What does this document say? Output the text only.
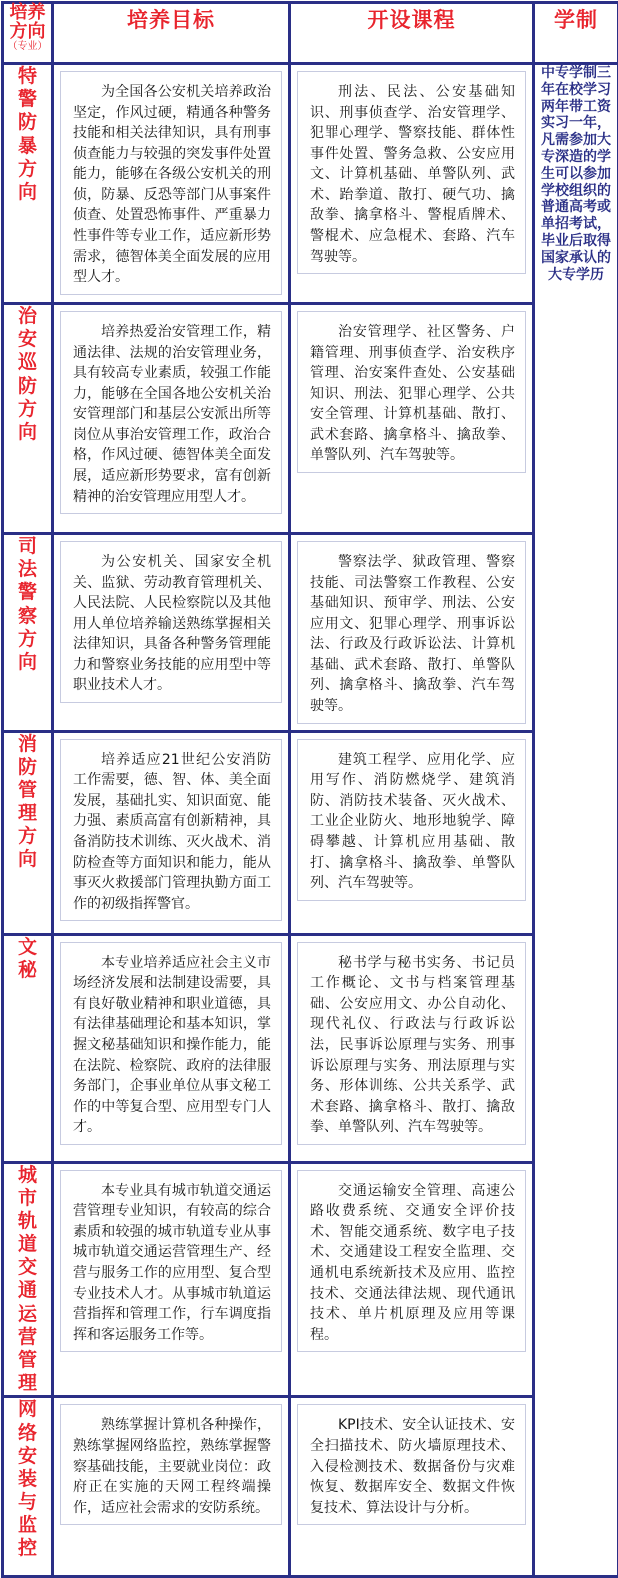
培养方向
（专业）	培养目标	开设课程	学制
特警防暴方向	为全国各公安机关培养政治坚定，作风过硬，精通各种警务技能和相关法律知识，具有刑事侦查能力与较强的突发事件处置能力，能够在各级公安机关的刑侦，防暴、反恐等部门从事案件侦查、处置恐怖事件、严重暴力性事件等专业工作，适应新形势需求，德智体美全面发展的应用型人才。	刑法、民法、公安基础知识、刑事侦查学、治安管理学、犯罪心理学、警察技能、群体性事件处置、警务急救、公安应用文、计算机基础、单警队列、武术、跆拳道、散打、硬气功、擒敌拳、擒拿格斗、警棍盾牌术、警棍术、应急棍术、套路、汽车驾驶等。	中专学制三年在校学习两年带工资实习一年，凡需参加大专深造的学生可以参加学校组织的普通高考或单招考试，毕业后取得国家承认的大专学历

治安巡防方向	培养热爱治安管理工作，精通法律、法规的治安管理业务，具有较高专业素质，较强工作能力，能够在全国各地公安机关治安管理部门和基层公安派出所等岗位从事治安管理工作，政治合格，作风过硬、德智体美全面发展，适应新形势要求，富有创新精神的治安管理应用型人才。	治安管理学、社区警务、户籍管理、刑事侦查学、治安秩序管理、治安案件查处、公安基础知识、刑法、犯罪心理学、公共安全管理、计算机基础、散打、武术套路、擒拿格斗、擒敌拳、单警队列、汽车驾驶等。	

司法警察方向	为公安机关、国家安全机关、监狱、劳动教育管理机关、人民法院、人民检察院以及其他用人单位培养输送熟练掌握相关法律知识，具备各种警务管理能力和警察业务技能的应用型中等职业技术人才。	警察法学、狱政管理、警察技能、司法警察工作教程、公安基础知识、预审学、刑法、公安应用文、犯罪心理学、刑事诉讼法、行政及行政诉讼法、计算机基础、武术套路、散打、单警队列、擒拿格斗、擒敌拳、汽车驾驶等。	

消防管理方向	培养适应21世纪公安消防工作需要，德、智、体、美全面发展，基础扎实、知识面宽、能力强、素质高富有创新精神，具备消防技术训练、灭火战术、消防检查等方面知识和能力，能从事灭火救援部门管理执勤方面工作的初级指挥警官。	建筑工程学、应用化学、应用写作、消防燃烧学、建筑消防、消防技术装备、灭火战术、工业企业防火、地形地貌学、障碍攀越、计算机应用基础、散打、擒拿格斗、擒敌拳、单警队列、汽车驾驶等。	

文秘	本专业培养适应社会主义市场经济发展和法制建设需要，具有良好敬业精神和职业道德，具有法律基础理论和基本知识，掌握文秘基础知识和操作能力，能在法院、检察院、政府的法律服务部门，企事业单位从事文秘工作的中等复合型、应用型专门人才。	秘书学与秘书实务、书记员工作概论、文书与档案管理基础、公安应用文、办公自动化、现代礼仪、行政法与行政诉讼法，民事诉讼原理与实务、刑事诉讼原理与实务、刑法原理与实务、形体训练、公共关系学、武术套路、擒拿格斗、散打、擒敌拳、单警队列、汽车驾驶等。	

城市轨道交通运营管理	本专业具有城市轨道交通运营管理专业知识，有较高的综合素质和较强的城市轨道专业从事城市轨道交通运营管理生产、经营与服务工作的应用型、复合型专业技术人才。从事城市轨道运营指挥和管理工作，行车调度指挥和客运服务工作等。	交通运输安全管理、高速公路收费系统、交通安全评价技术、智能交通系统、数字电子技术、交通建设工程安全监理、交通机电系统新技术及应用、监控技术、交通法律法规、现代通讯技术、单片机原理及应用等课程。	

网络安装与监控	熟练掌握计算机各种操作，熟练掌握网络监控，熟练掌握警察基础技能，主要就业岗位：政府正在实施的天网工程终端操作，适应社会需求的安防系统。	KPI技术、安全认证技术、安全扫描技术、防火墙原理技术、入侵检测技术、数据备份与灾难恢复、数据库安全、数据文件恢复技术、算法设计与分析。	
